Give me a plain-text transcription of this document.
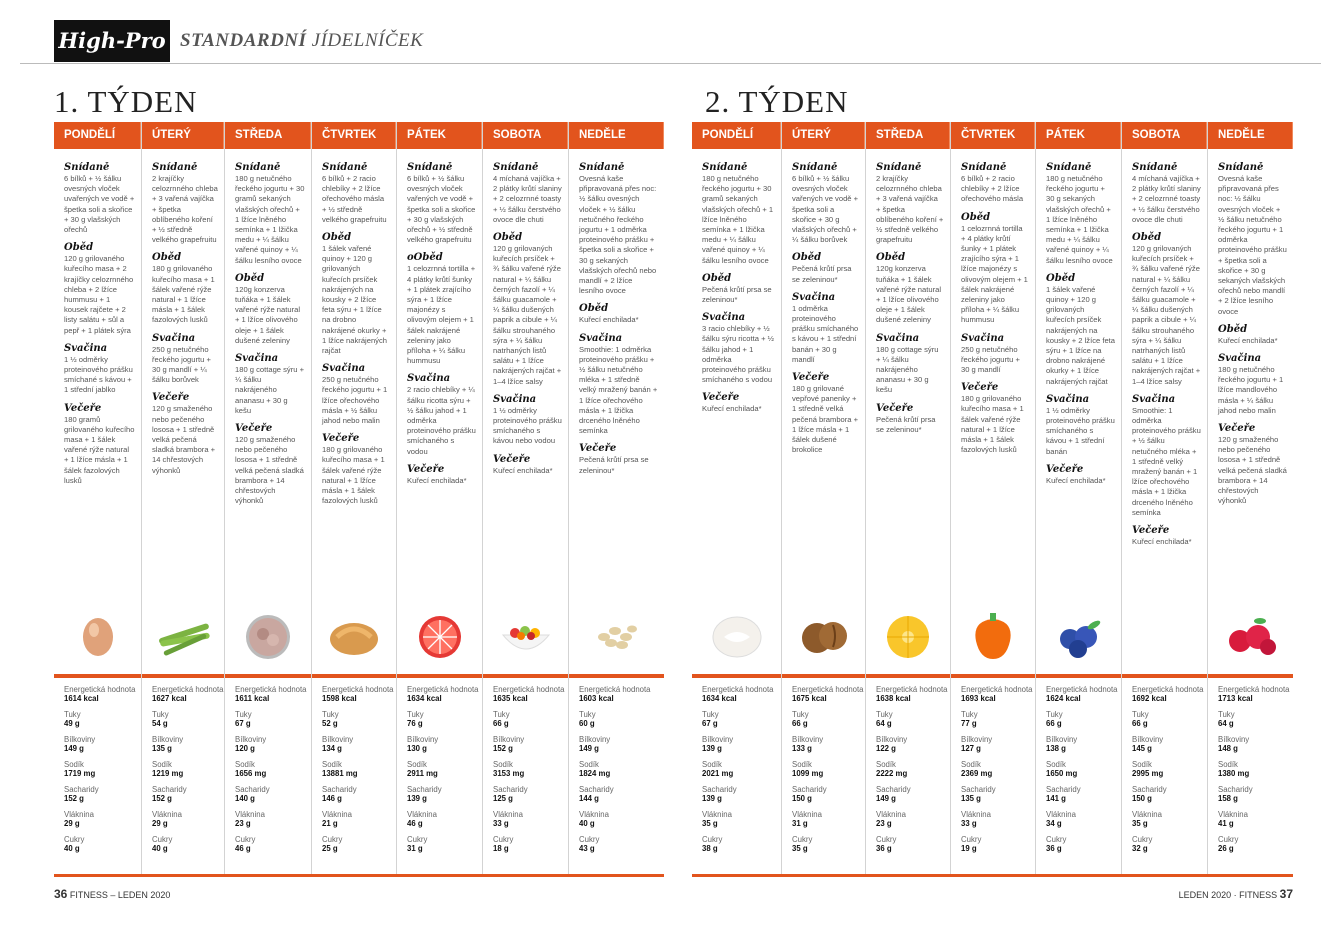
High-Pro STANDARDNÍ JÍDELNÍČEK
1. TÝDEN	2. TÝDEN
PONDĚLÍ
Snídaně
6 bílků + ½ šálku ovesných vloček uvařených ve vodě + špetka soli a skořice + 30 g vlašských ořechů
Oběd
120 g grilovaného kuřecího masa + 2 krajíčky celozrnného chleba + 2 lžíce hummusu + 1 kousek rajčete + 2 listy salátu + sůl a pepř + 1 plátek sýra
Svačina
1 ½ odměrky proteinového prášku smíchané s kávou + 1 střední jablko
Večeře
180 gramů grilovaného kuřecího masa + 1 šálek vařené rýže natural + 1 lžíce másla + 1 šálek fazolových lusků
Energetická hodnota
1614 kcal
Tuky
49 g
Bílkoviny
149 g
Sodík
1719 mg
Sacharidy
152 g
Vláknina
29 g
Cukry
40 g
ÚTERÝ
Snídaně
2 krajíčky celozrnného chleba + 3 vařená vajíčka + špetka oblíbeného koření + ½ středně velkého grapefruitu
Oběd
180 g grilovaného kuřecího masa + 1 šálek vařené rýže natural + 1 lžíce másla + 1 šálek fazolových lusků
Svačina
250 g netučného řeckého jogurtu + 30 g mandlí + ¼ šálku borůvek
Večeře
120 g smaženého nebo pečeného lososa + 1 středně velká pečená sladká brambora + 14 chřestových výhonků
Energetická hodnota
1627 kcal
Tuky
54 g
Bílkoviny
135 g
Sodík
1219 mg
Sacharidy
152 g
Vláknina
29 g
Cukry
40 g
STŘEDA
Snídaně
180 g netučného řeckého jogurtu + 30 gramů sekaných vlašských ořechů + 1 lžíce lněného semínka + 1 lžička medu + ¼ šálku vařené quinoy + ¼ šálku lesního ovoce
Oběd
120g konzerva tuňáka + 1 šálek vařené rýže natural + 1 lžíce olivového oleje + 1 šálek dušené zeleniny
Svačina
180 g cottage sýru + ¼ šálku nakrájeného ananasu + 30 g kešu
Večeře
120 g smaženého nebo pečeného lososa + 1 středně velká pečená sladká brambora + 14 chřestových výhonků
Energetická hodnota
1611 kcal
Tuky
67 g
Bílkoviny
120 g
Sodík
1656 mg
Sacharidy
140 g
Vláknina
23 g
Cukry
46 g
ČTVRTEK
Snídaně
6 bílků + 2 racio chlebíky + 2 lžíce ořechového másla + ½ středně velkého grapefruitu
Oběd
1 šálek vařené quinoy + 120 g grilovaných kuřecích prsíček nakrájených na kousky + 2 lžíce feta sýru + 1 lžíce na drobno nakrájené okurky + 1 lžíce nakrájených rajčat
Svačina
250 g netučného řeckého jogurtu + 1 lžíce ořechového másla + ½ šálku jahod nebo malin
Večeře
180 g grilovaného kuřecího masa + 1 šálek vařené rýže natural + 1 lžíce másla + 1 šálek fazolových lusků
Energetická hodnota
1598 kcal
Tuky
52 g
Bílkoviny
134 g
Sodík
13881 mg
Sacharidy
146 g
Vláknina
21 g
Cukry
25 g
PÁTEK
Snídaně
6 bílků + ½ šálku ovesných vloček vařených ve vodě + špetka soli a skořice + 30 g vlašských ořechů + ½ středně velkého grapefruitu
oOběd
1 celozrnná tortilla + 4 plátky krůtí šunky + 1 plátek zrajícího sýra + 1 lžíce majonézy s olivovým olejem + 1 šálek nakrájené zeleniny jako příloha + ¼ šálku hummusu
Svačina
2 racio chlebíky + ¼ šálku ricotta sýru + ½ šálku jahod + 1 odměrka proteinového prášku smíchaného s vodou
Večeře
Kuřecí enchilada*
Energetická hodnota
1634 kcal
Tuky
76 g
Bílkoviny
130 g
Sodík
2911 mg
Sacharidy
139 g
Vláknina
46 g
Cukry
31 g
SOBOTA
Snídaně
4 míchaná vajíčka + 2 plátky krůtí slaniny + 2 celozrnné toasty + ½ šálku čerstvého ovoce dle chuti
Oběd
120 g grilovaných kuřecích prsíček + ¾ šálku vařené rýže natural + ¼ šálku černých fazolí + ¼ šálku guacamole + ¼ šálku dušených paprik a cibule + ¼ šálku strouhaného sýra + ¼ šálku natrhaných listů salátu + 1 lžíce nakrájených rajčat + 1–4 lžíce salsy
Svačina
1 ½ odměrky proteinového prášku smíchaného s kávou nebo vodou
Večeře
Kuřecí enchilada*
Energetická hodnota
1635 kcal
Tuky
66 g
Bílkoviny
152 g
Sodík
3153 mg
Sacharidy
125 g
Vláknina
33 g
Cukry
18 g
NEDĚLE
Snídaně
Ovesná kaše připravovaná přes noc: ½ šálku ovesných vloček + ½ šálku netučného řeckého jogurtu + 1 odměrka proteinového prášku + špetka soli a skořice + 30 g sekaných vlašských ořechů nebo mandlí + 2 lžíce lesního ovoce
Oběd
Kuřecí enchilada*
Svačina
Smoothie: 1 odměrka proteinového prášku + ½ šálku netučného mléka + 1 středně velký mražený banán + 1 lžíce ořechového másla + 1 lžička drceného lněného semínka
Večeře
Pečená krůtí prsa se zeleninou*
Energetická hodnota
1603 kcal
Tuky
60 g
Bílkoviny
149 g
Sodík
1824 mg
Sacharidy
144 g
Vláknina
40 g
Cukry
43 g
PONDĚLÍ
Snídaně
180 g netučného řeckého jogurtu + 30 gramů sekaných vlašských ořechů + 1 lžíce lněného semínka + 1 lžička medu + ¼ šálku vařené quinoy + ¼ šálku lesního ovoce
Oběd
Pečená krůtí prsa se zeleninou*
Svačina
3 racio chlebíky + ½ šálku sýru ricotta + ½ šálku jahod + 1 odměrka proteinového prášku smíchaného s vodou
Večeře
Kuřecí enchilada*
Energetická hodnota
1634 kcal
Tuky
67 g
Bílkoviny
139 g
Sodík
2021 mg
Sacharidy
139 g
Vláknina
35 g
Cukry
38 g
ÚTERÝ
Snídaně
6 bílků + ½ šálku ovesných vloček vařených ve vodě + špetka soli a skořice + 30 g vlašských ořechů + ¼ šálku borůvek
Oběd
Pečená krůtí prsa se zeleninou*
Svačina
1 odměrka proteinového prášku smíchaného s kávou + 1 střední banán + 30 g mandlí
Večeře
180 g grilované vepřové panenky + 1 středně velká pečená brambora + 1 lžíce másla + 1 šálek dušené brokolice
Energetická hodnota
1675 kcal
Tuky
66 g
Bílkoviny
133 g
Sodík
1099 mg
Sacharidy
150 g
Vláknina
31 g
Cukry
35 g
STŘEDA
Snídaně
2 krajíčky celozrnného chleba + 3 vařená vajíčka + špetka oblíbeného koření + ½ středně velkého grapefruitu
Oběd
120g konzerva tuňáka + 1 šálek vařené rýže natural + 1 lžíce olivového oleje + 1 šálek dušené zeleniny
Svačina
180 g cottage sýru + ¼ šálku nakrájeného ananasu + 30 g kešu
Večeře
Pečená krůtí prsa se zeleninou*
Energetická hodnota
1638 kcal
Tuky
64 g
Bílkoviny
122 g
Sodík
2222 mg
Sacharidy
149 g
Vláknina
23 g
Cukry
36 g
ČTVRTEK
Snídaně
6 bílků + 2 racio chlebíky + 2 lžíce ořechového másla
Oběd
1 celozrnná tortilla + 4 plátky krůtí šunky + 1 plátek zrajícího sýra + 1 lžíce majonézy s olivovým olejem + 1 šálek nakrájené zeleniny jako příloha + ¼ šálku hummusu
Svačina
250 g netučného řeckého jogurtu + 30 g mandlí
Večeře
180 g grilovaného kuřecího masa + 1 šálek vařené rýže natural + 1 lžíce másla + 1 šálek fazolových lusků
Energetická hodnota
1693 kcal
Tuky
77 g
Bílkoviny
127 g
Sodík
2369 mg
Sacharidy
135 g
Vláknina
33 g
Cukry
19 g
PÁTEK
Snídaně
180 g netučného řeckého jogurtu + 30 g sekaných vlašských ořechů + 1 lžíce lněného semínka + 1 lžička medu + ¼ šálku vařené quinoy + ¼ šálku lesního ovoce
Oběd
1 šálek vařené quinoy + 120 g grilovaných kuřecích prsíček nakrájených na kousky + 2 lžíce feta sýru + 1 lžíce na drobno nakrájené okurky + 1 lžíce nakrájených rajčat
Svačina
1 ½ odměrky proteinového prášku smíchaného s kávou + 1 střední banán
Večeře
Kuřecí enchilada*
Energetická hodnota
1624 kcal
Tuky
66 g
Bílkoviny
138 g
Sodík
1650 mg
Sacharidy
141 g
Vláknina
34 g
Cukry
36 g
SOBOTA
Snídaně
4 míchaná vajíčka + 2 plátky krůtí slaniny + 2 celozrnné toasty + ½ šálku čerstvého ovoce dle chuti
Oběd
120 g grilovaných kuřecích prsíček + ¾ šálku vařené rýže natural + ¼ šálku černých fazolí + ¼ šálku guacamole + ¼ šálku dušených paprik a cibule + ¼ šálku strouhaného sýra + ¼ šálku natrhaných listů salátu + 1 lžíce nakrájených rajčat + 1–4 lžíce salsy
Svačina
Smoothie: 1 odměrka proteinového prášku + ½ šálku netučného mléka + 1 středně velký mražený banán + 1 lžíce ořechového másla + 1 lžička drceného lněného semínka
Večeře
Kuřecí enchilada*
Energetická hodnota
1692 kcal
Tuky
66 g
Bílkoviny
145 g
Sodík
2995 mg
Sacharidy
150 g
Vláknina
35 g
Cukry
32 g
NEDĚLE
Snídaně
Ovesná kaše připravovaná přes noc: ½ šálku ovesných vloček + ½ šálku netučného řeckého jogurtu + 1 odměrka proteinového prášku + špetka soli a skořice + 30 g sekaných vlašských ořechů nebo mandlí + 2 lžíce lesního ovoce
Oběd
Kuřecí enchilada*
Svačina
180 g netučného řeckého jogurtu + 1 lžíce mandlového másla + ¼ šálku jahod nebo malin
Večeře
120 g smaženého nebo pečeného lososa + 1 středně velká pečená sladká brambora + 14 chřestových výhonků
Energetická hodnota
1713 kcal
Tuky
64 g
Bílkoviny
148 g
Sodík
1380 mg
Sacharidy
158 g
Vláknina
41 g
Cukry
26 g
36 FITNESS – LEDEN 2020	LEDEN 2020 · FITNESS 37
